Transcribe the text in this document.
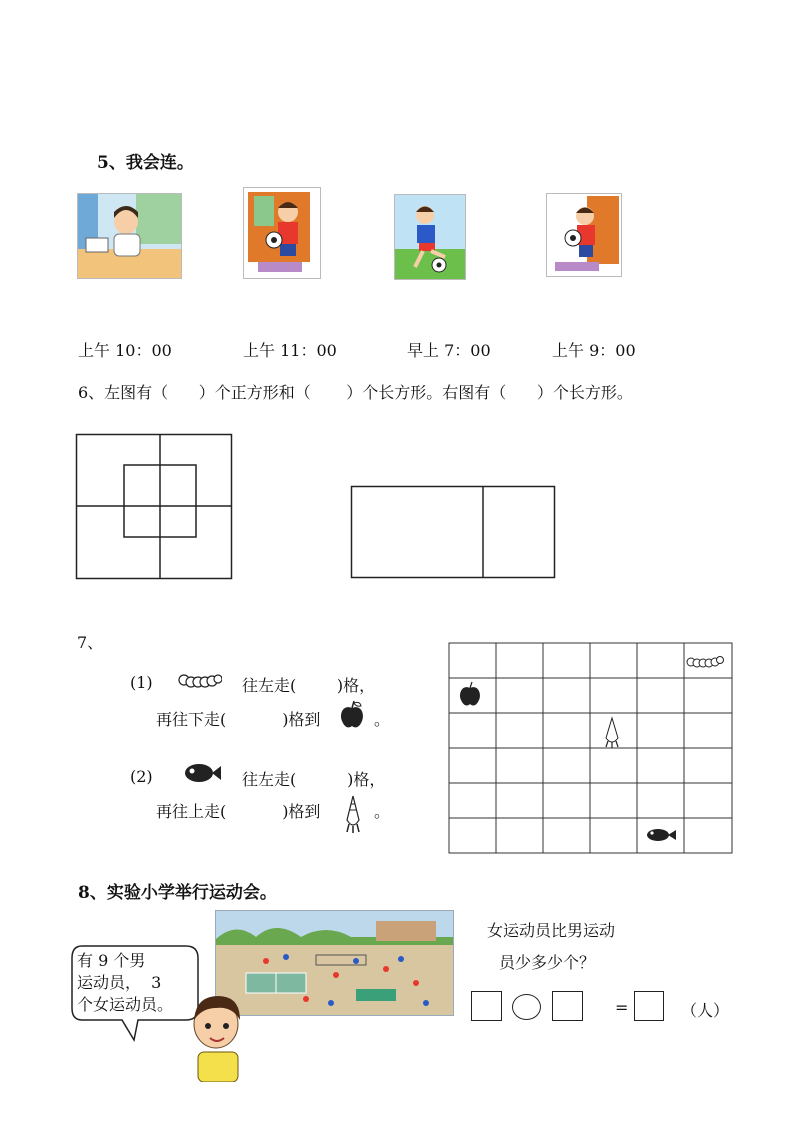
5、我会连。
上午 10：00	上午 11：00	早上 7：00	上午 9：00
6、左图有（      ）个正方形和（       ）个长方形。右图有（      ）个长方形。
7、
(1)	往左走(        )格，
再往下走(           )格到	。
(2)	往左走(          )格，
再往上走(           )格到	。
8、实验小学举行运动会。
有 9 个男
运动员，  3
个女运动员。
女运动员比男运动
员少多少个？
=	（人）
